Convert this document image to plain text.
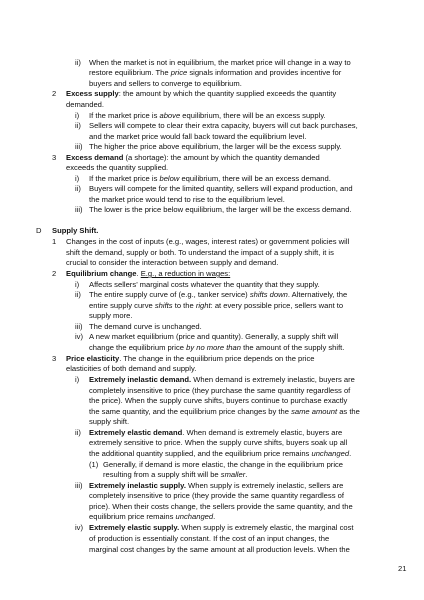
ii) When the market is not in equilibrium, the market price will change in a way to
restore equilibrium. The price signals information and provides incentive for
buyers and sellers to converge to equilibrium.
2 Excess supply: the amount by which the quantity supplied exceeds the quantity
demanded.
i) If the market price is above equilibrium, there will be an excess supply.
ii) Sellers will compete to clear their extra capacity, buyers will cut back purchases,
and the market price would fall back toward the equilibrium level.
iii) The higher the price above equilibrium, the larger will be the excess supply.
3 Excess demand (a shortage): the amount by which the quantity demanded
exceeds the quantity supplied.
i) If the market price is below equilibrium, there will be an excess demand.
ii) Buyers will compete for the limited quantity, sellers will expand production, and
the market price would tend to rise to the equilibrium level.
iii) The lower is the price below equilibrium, the larger will be the excess demand.
D Supply Shift.
1 Changes in the cost of inputs (e.g., wages, interest rates) or government policies will
shift the demand, supply or both. To understand the impact of a supply shift, it is
crucial to consider the interaction between supply and demand.
2 Equilibrium change. E.g., a reduction in wages:
i) Affects sellers’ marginal costs whatever the quantity that they supply.
ii) The entire supply curve of (e.g., tanker service) shifts down. Alternatively, the
entire supply curve shifts to the right: at every possible price, sellers want to
supply more.
iii) The demand curve is unchanged.
iv) A new market equilibrium (price and quantity). Generally, a supply shift will
change the equilibrium price by no more than the amount of the supply shift.
3 Price elasticity. The change in the equilibrium price depends on the price
elasticities of both demand and supply.
i) Extremely inelastic demand. When demand is extremely inelastic, buyers are
completely insensitive to price (they purchase the same quantity regardless of
the price). When the supply curve shifts, buyers continue to purchase exactly
the same quantity, and the equilibrium price changes by the same amount as the
supply shift.
ii) Extremely elastic demand. When demand is extremely elastic, buyers are
extremely sensitive to price. When the supply curve shifts, buyers soak up all
the additional quantity supplied, and the equilibrium price remains unchanged.
(1) Generally, if demand is more elastic, the change in the equilibrium price
resulting from a supply shift will be smaller.
iii) Extremely inelastic supply. When supply is extremely inelastic, sellers are
completely insensitive to price (they provide the same quantity regardless of
price). When their costs change, the sellers provide the same quantity, and the
equilibrium price remains unchanged.
iv) Extremely elastic supply. When supply is extremely elastic, the marginal cost
of production is essentially constant. If the cost of an input changes, the
marginal cost changes by the same amount at all production levels. When the
21
